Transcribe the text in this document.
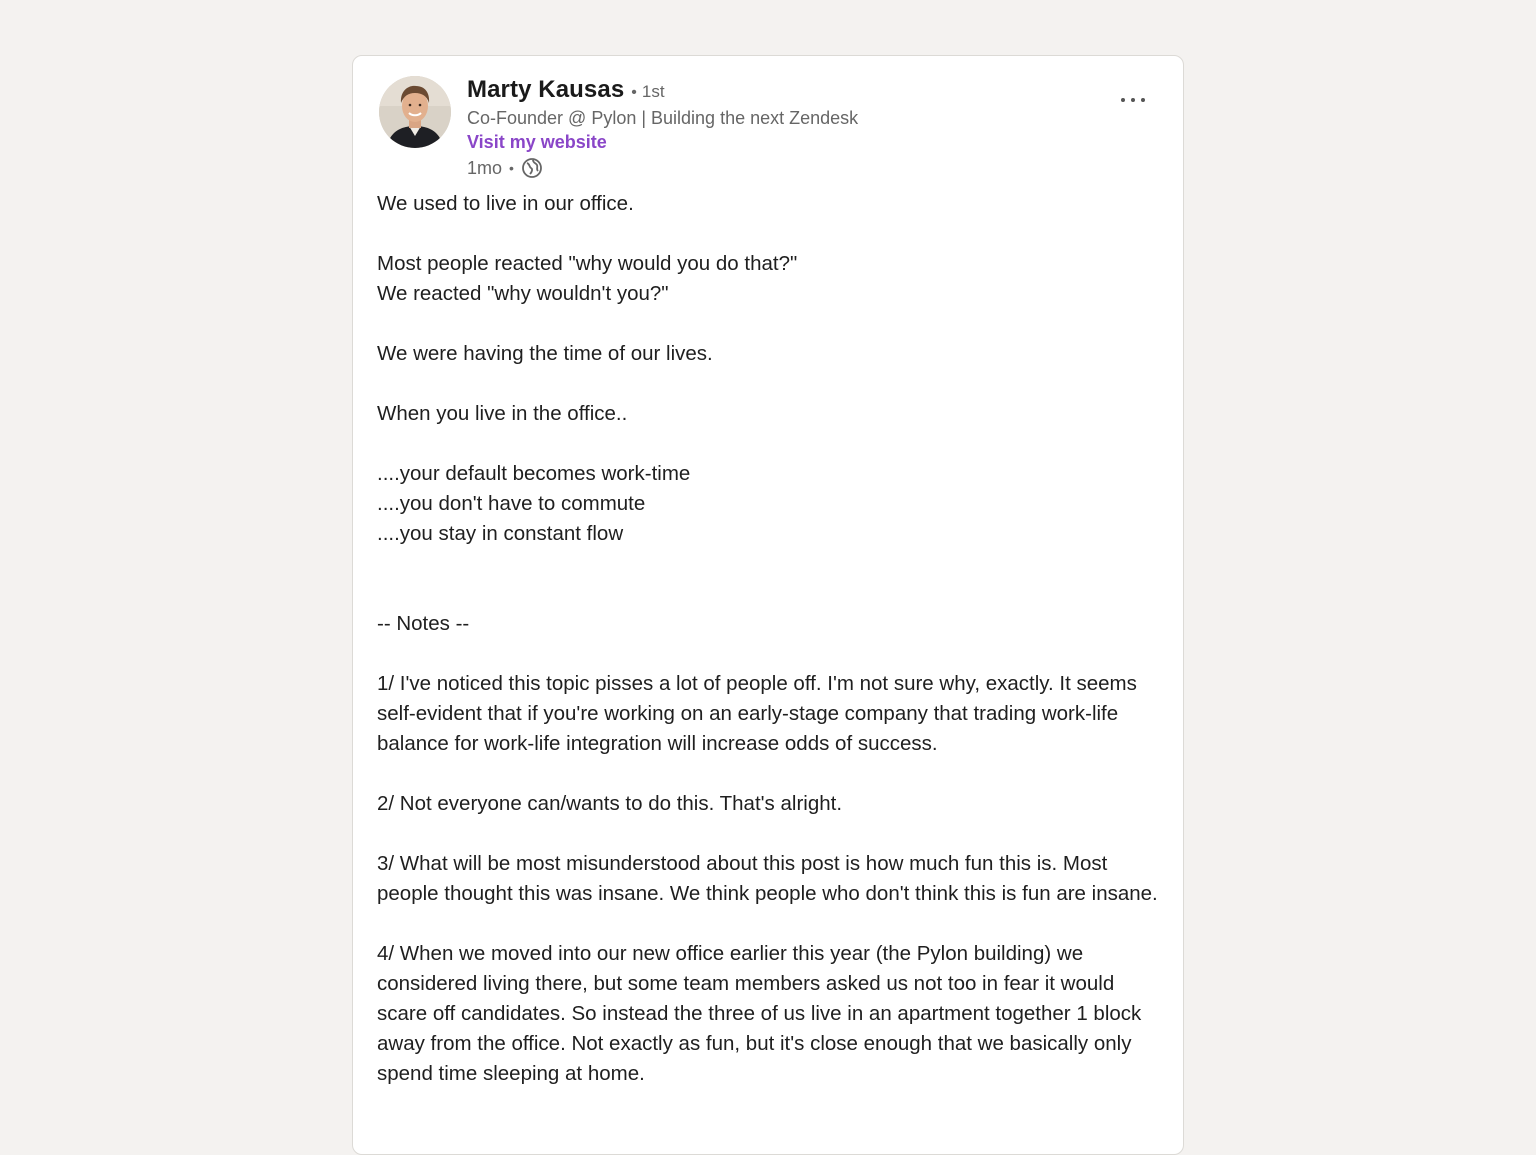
Marty Kausas • 1st
Co-Founder @ Pylon | Building the next Zendesk
Visit my website
1mo •

We used to live in our office.

Most people reacted "why would you do that?"

We reacted "why wouldn't you?"

We were having the time of our lives.

When you live in the office..

....your default becomes work-time

....you don't have to commute

....you stay in constant flow

-- Notes --

1/ I've noticed this topic pisses a lot of people off. I'm not sure why, exactly. It seems self-evident that if you're working on an early-stage company that trading work-life balance for work-life integration will increase odds of success.

2/ Not everyone can/wants to do this. That's alright.

3/ What will be most misunderstood about this post is how much fun this is. Most people thought this was insane. We think people who don't think this is fun are insane.

4/ When we moved into our new office earlier this year (the Pylon building) we considered living there, but some team members asked us not too in fear it would scare off candidates. So instead the three of us live in an apartment together 1 block away from the office. Not exactly as fun, but it's close enough that we basically only spend time sleeping at home.
